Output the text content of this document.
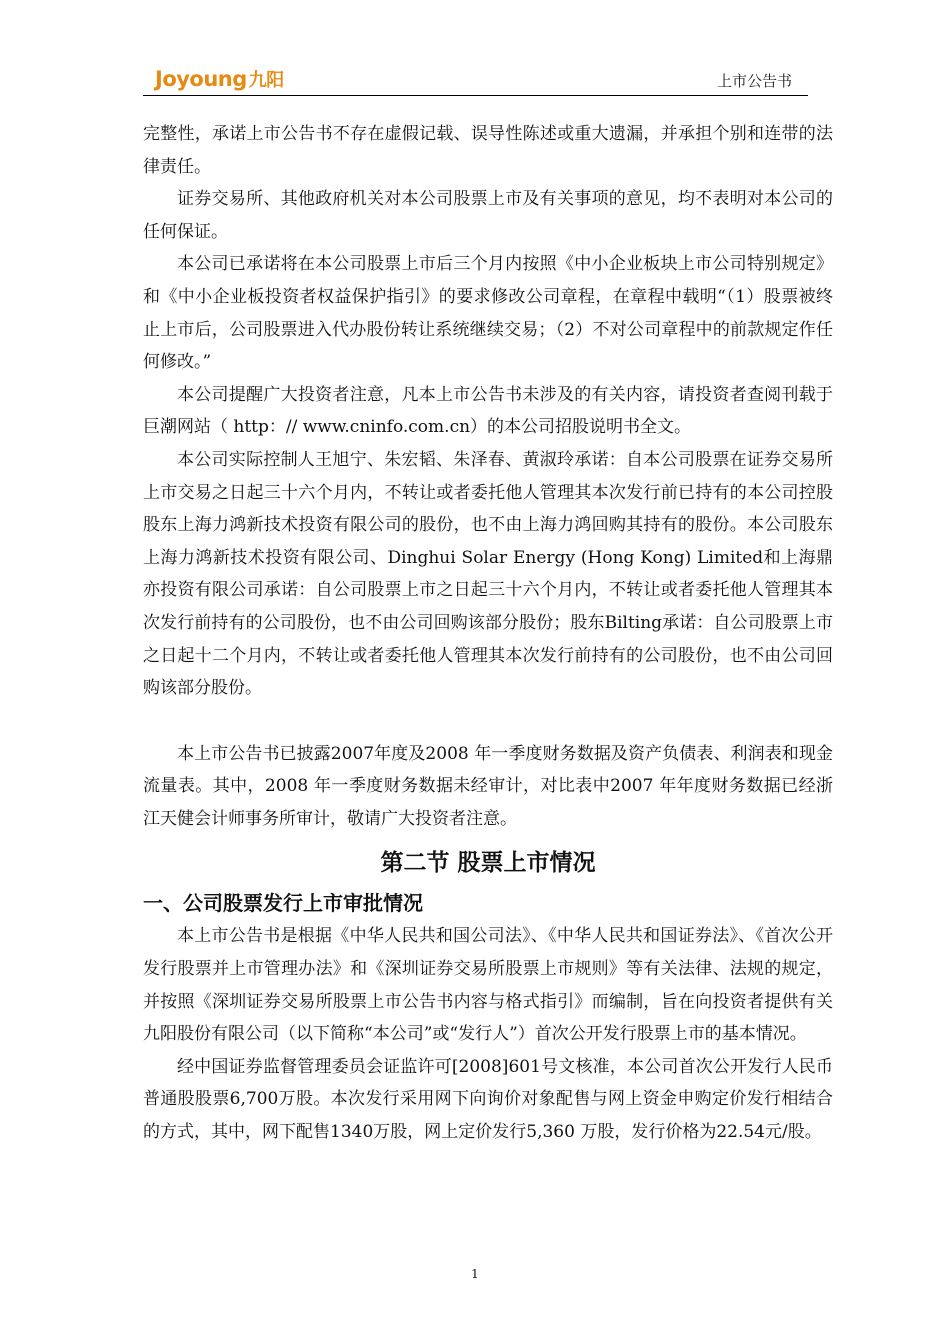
Joyoung 九阳	上市公告书

完整性，承诺上市公告书不存在虚假记载、误导性陈述或重大遗漏，并承担个别和连带的法律责任。

证券交易所、其他政府机关对本公司股票上市及有关事项的意见，均不表明对本公司的任何保证。

本公司已承诺将在本公司股票上市后三个月内按照《中小企业板块上市公司特别规定》和《中小企业板投资者权益保护指引》的要求修改公司章程，在章程中载明“（1）股票被终止上市后，公司股票进入代办股份转让系统继续交易；（2）不对公司章程中的前款规定作任何修改。”

本公司提醒广大投资者注意，凡本上市公告书未涉及的有关内容，请投资者查阅刊载于巨潮网站（ http：// www.cninfo.com.cn）的本公司招股说明书全文。

本公司实际控制人王旭宁、朱宏韬、朱泽春、黄淑玲承诺：自本公司股票在证券交易所上市交易之日起三十六个月内，不转让或者委托他人管理其本次发行前已持有的本公司控股股东上海力鸿新技术投资有限公司的股份，也不由上海力鸿回购其持有的股份。本公司股东上海力鸿新技术投资有限公司、Dinghui Solar Energy (Hong Kong) Limited和上海鼎亦投资有限公司承诺：自公司股票上市之日起三十六个月内，不转让或者委托他人管理其本次发行前持有的公司股份，也不由公司回购该部分股份；股东Bilting承诺：自公司股票上市之日起十二个月内，不转让或者委托他人管理其本次发行前持有的公司股份，也不由公司回购该部分股份。

本上市公告书已披露2007年度及2008 年一季度财务数据及资产负债表、利润表和现金流量表。其中，2008 年一季度财务数据未经审计，对比表中2007 年年度财务数据已经浙江天健会计师事务所审计，敬请广大投资者注意。

第二节 股票上市情况
一、公司股票发行上市审批情况

本上市公告书是根据《中华人民共和国公司法》、《中华人民共和国证券法》、《首次公开发行股票并上市管理办法》和《深圳证券交易所股票上市规则》等有关法律、法规的规定，并按照《深圳证券交易所股票上市公告书内容与格式指引》而编制，旨在向投资者提供有关九阳股份有限公司（以下简称“本公司”或“发行人”）首次公开发行股票上市的基本情况。

经中国证券监督管理委员会证监许可[2008]601号文核准，本公司首次公开发行人民币普通股股票6,700万股。本次发行采用网下向询价对象配售与网上资金申购定价发行相结合的方式，其中，网下配售1340万股，网上定价发行5,360 万股，发行价格为22.54元/股。

1
